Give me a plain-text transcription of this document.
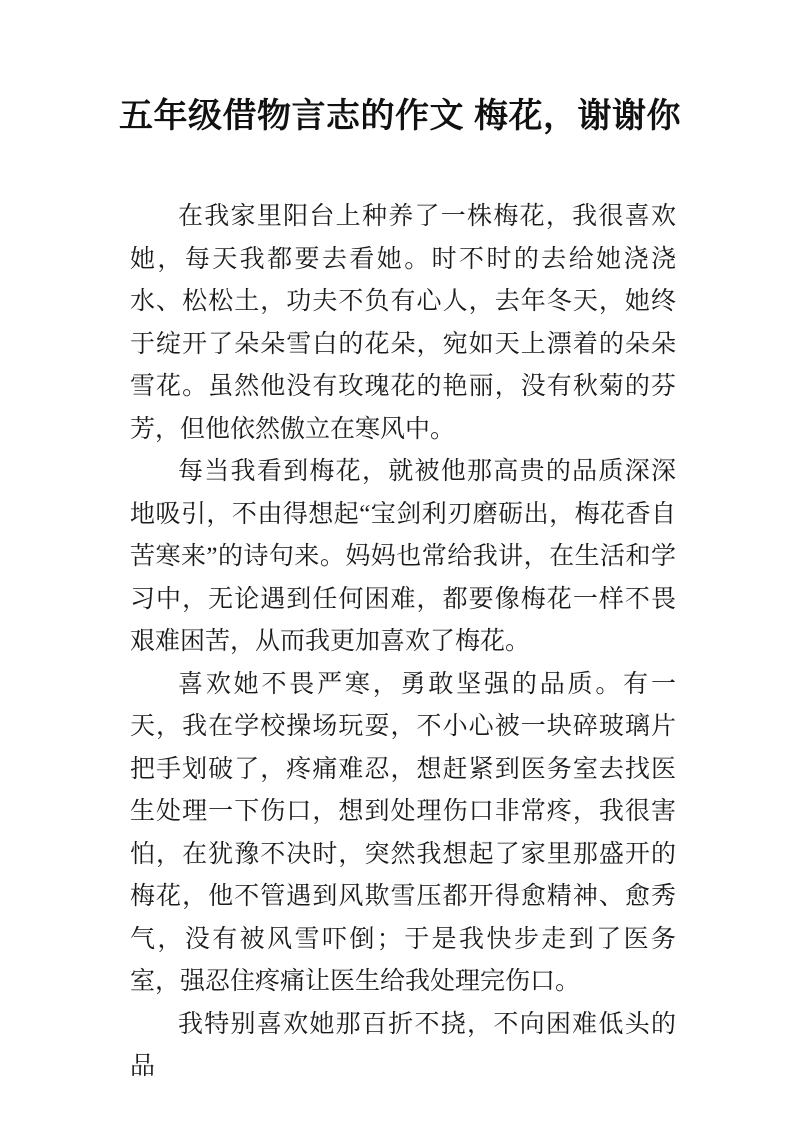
五年级借物言志的作文 梅花，谢谢你

在我家里阳台上种养了一株梅花，我很喜欢她，每天我都要去看她。时不时的去给她浇浇水、松松土，功夫不负有心人，去年冬天，她终于绽开了朵朵雪白的花朵，宛如天上漂着的朵朵雪花。虽然他没有玫瑰花的艳丽，没有秋菊的芬芳，但他依然傲立在寒风中。

每当我看到梅花，就被他那高贵的品质深深地吸引，不由得想起“宝剑利刃磨砺出，梅花香自苦寒来”的诗句来。妈妈也常给我讲，在生活和学习中，无论遇到任何困难，都要像梅花一样不畏艰难困苦，从而我更加喜欢了梅花。

喜欢她不畏严寒，勇敢坚强的品质。有一天，我在学校操场玩耍，不小心被一块碎玻璃片把手划破了，疼痛难忍，想赶紧到医务室去找医生处理一下伤口，想到处理伤口非常疼，我很害怕，在犹豫不决时，突然我想起了家里那盛开的梅花，他不管遇到风欺雪压都开得愈精神、愈秀气，没有被风雪吓倒；于是我快步走到了医务室，强忍住疼痛让医生给我处理完伤口。

我特别喜欢她那百折不挠，不向困难低头的品
